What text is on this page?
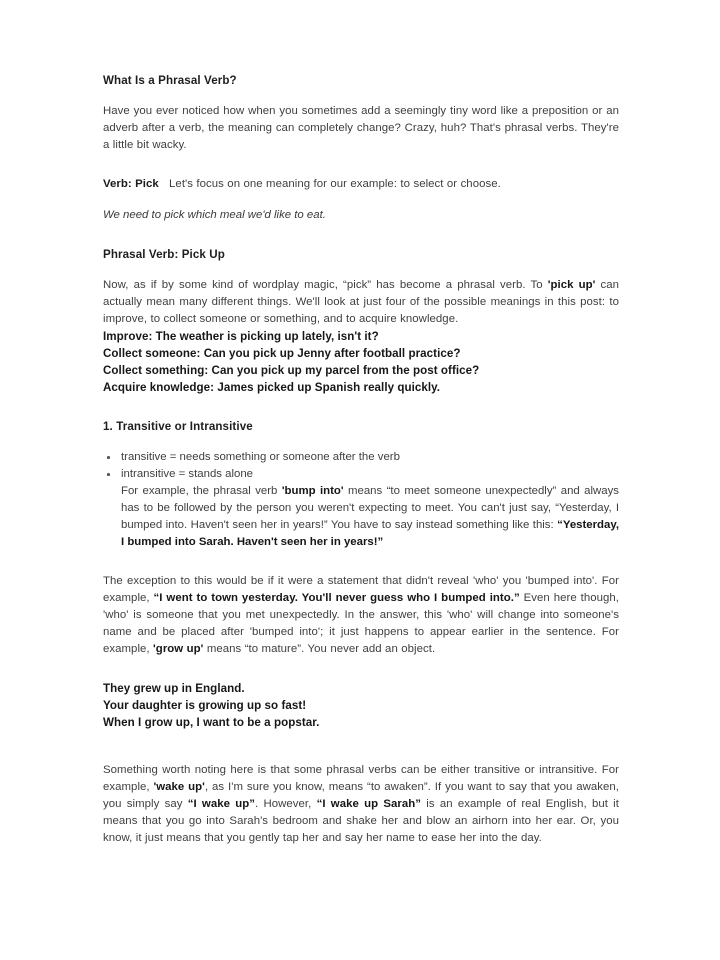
What Is a Phrasal Verb?

Have you ever noticed how when you sometimes add a seemingly tiny word like a preposition or an adverb after a verb, the meaning can completely change? Crazy, huh? That's phrasal verbs. They're a little bit wacky.

Verb: Pick Let's focus on one meaning for our example: to select or choose.

We need to pick which meal we'd like to eat.

Phrasal Verb: Pick Up

Now, as if by some kind of wordplay magic, “pick” has become a phrasal verb. To 'pick up' can actually mean many different things. We'll look at just four of the possible meanings in this post: to improve, to collect someone or something, and to acquire knowledge.

Improve: The weather is picking up lately, isn't it?

Collect someone: Can you pick up Jenny after football practice?

Collect something: Can you pick up my parcel from the post office?

Acquire knowledge: James picked up Spanish really quickly.

1. Transitive or Intransitive
transitive = needs something or someone after the verb
intransitive = stands alone

For example, the phrasal verb 'bump into' means “to meet someone unexpectedly” and always has to be followed by the person you weren't expecting to meet. You can't just say, “Yesterday, I bumped into. Haven't seen her in years!” You have to say instead something like this: “Yesterday, I bumped into Sarah. Haven't seen her in years!”

The exception to this would be if it were a statement that didn't reveal 'who' you 'bumped into'. For example, “I went to town yesterday. You'll never guess who I bumped into.” Even here though, 'who' is someone that you met unexpectedly. In the answer, this 'who' will change into someone's name and be placed after 'bumped into'; it just happens to appear earlier in the sentence. For example, 'grow up' means “to mature”. You never add an object.

They grew up in England.

Your daughter is growing up so fast!

When I grow up, I want to be a popstar.

Something worth noting here is that some phrasal verbs can be either transitive or intransitive. For example, 'wake up', as I'm sure you know, means “to awaken”. If you want to say that you awaken, you simply say “I wake up”. However, “I wake up Sarah” is an example of real English, but it means that you go into Sarah's bedroom and shake her and blow an airhorn into her ear. Or, you know, it just means that you gently tap her and say her name to ease her into the day.
